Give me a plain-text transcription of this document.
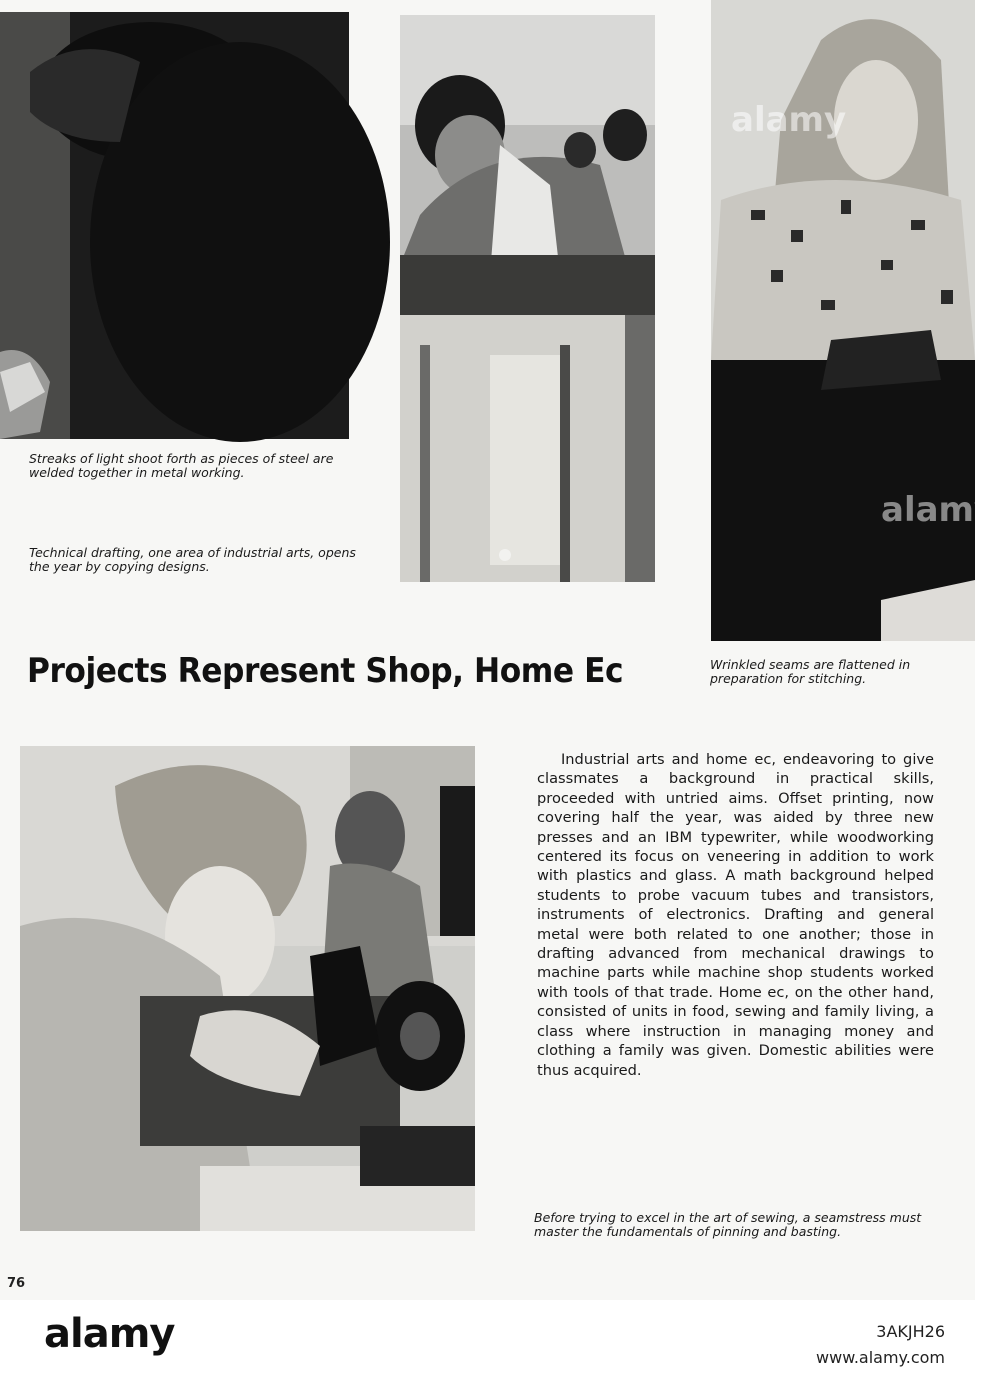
Streaks of light shoot forth as pieces of steel are welded together in metal working.
Technical drafting, one area of industrial arts, opens the year by copying designs.
alamy
alamy
Wrinkled seams are flattened in preparation for stitching.
Projects Represent Shop, Home Ec
Before trying to excel in the art of sewing, a seamstress must master the fundamentals of pinning and basting.

Industrial arts and home ec, endeavoring to give classmates a background in practical skills, proceeded with untried aims. Offset printing, now covering half the year, was aided by three new presses and an IBM typewriter, while woodworking centered its focus on veneering in addition to work with plastics and glass. A math background helped students to probe vacuum tubes and transistors, instruments of electronics. Drafting and general metal were both related to one another; those in drafting advanced from mechanical drawings to machine parts while machine shop students worked with tools of that trade. Home ec, on the other hand, consisted of units in food, sewing and family living, a class where instruction in managing money and clothing a family was given. Domestic abilities were thus acquired.

76
alamy	3AKJH26
www.alamy.com
